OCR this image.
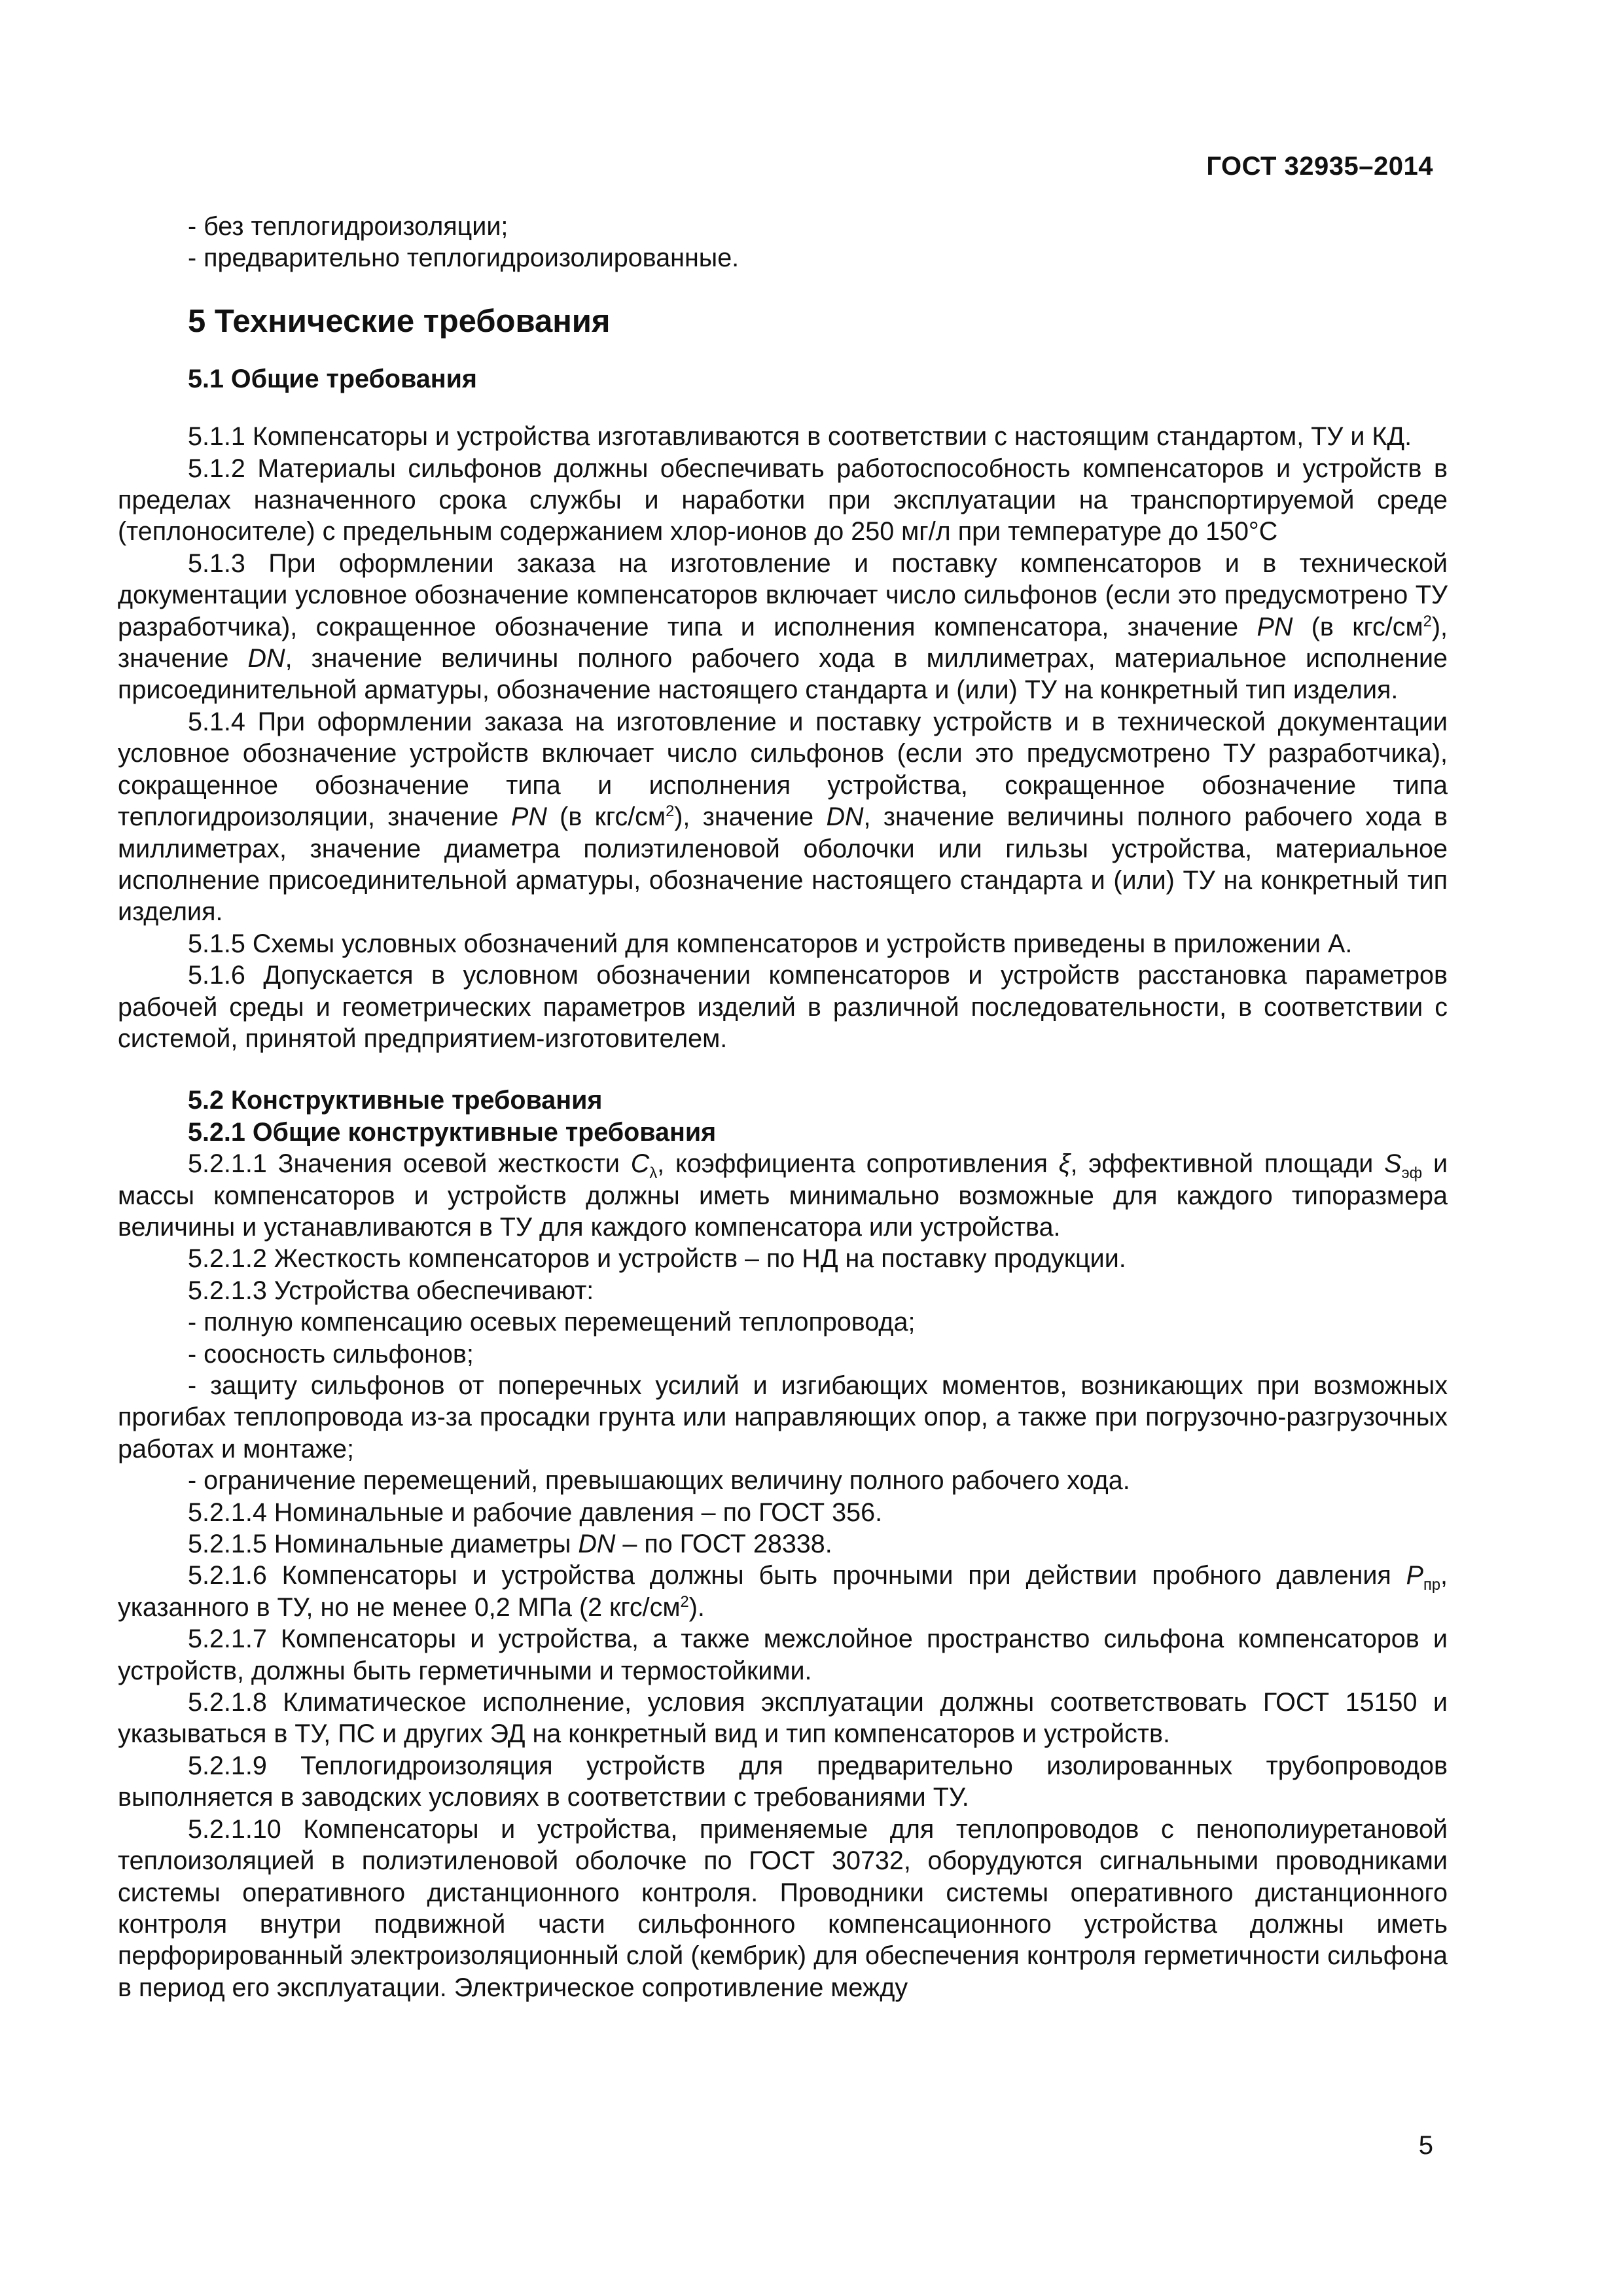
ГОСТ 32935–2014

- без теплогидроизоляции;

- предварительно теплогидроизолированные.

5 Технические требования
5.1 Общие требования

5.1.1 Компенсаторы и устройства изготавливаются в соответствии с настоящим стандартом, ТУ и КД.

5.1.2 Материалы сильфонов должны обеспечивать работоспособность компенсаторов и устройств в пределах назначенного срока службы и наработки при эксплуатации на транспортируемой среде (теплоносителе) с предельным содержанием хлор-ионов до 250 мг/л при температуре до 150°С

5.1.3 При оформлении заказа на изготовление и поставку компенсаторов и в технической документации условное обозначение компенсаторов включает число сильфонов (если это предусмотрено ТУ разработчика), сокращенное обозначение типа и исполнения компенсатора, значение PN (в кгс/$см^2$), значение DN, значение величины полного рабочего хода в миллиметрах, материальное исполнение присоединительной арматуры, обозначение настоящего стандарта и (или) ТУ на конкретный тип изделия.

5.1.4 При оформлении заказа на изготовление и поставку устройств и в технической документации условное обозначение устройств включает число сильфонов (если это предусмотрено ТУ разработчика), сокращенное обозначение типа и исполнения устройства, сокращенное обозначение типа теплогидроизоляции, значение PN (в кгс/$см^2$), значение DN, значение величины полного рабочего хода в миллиметрах, значение диаметра полиэтиленовой оболочки или гильзы устройства, материальное исполнение присоединительной арматуры, обозначение настоящего стандарта и (или) ТУ на конкретный тип изделия.

5.1.5 Схемы условных обозначений для компенсаторов и устройств приведены в приложении А.

5.1.6 Допускается в условном обозначении компенсаторов и устройств расстановка параметров рабочей среды и геометрических параметров изделий в различной последовательности, в соответствии с системой, принятой предприятием-изготовителем.

5.2 Конструктивные требования
5.2.1 Общие конструктивные требования

5.2.1.1 Значения осевой жесткости $C_\lambda$, коэффициента сопротивления ξ, эффективной площади $S_{эф}$ и массы компенсаторов и устройств должны иметь минимально возможные для каждого типоразмера величины и устанавливаются в ТУ для каждого компенсатора или устройства.

5.2.1.2 Жесткость компенсаторов и устройств – по НД на поставку продукции.

5.2.1.3 Устройства обеспечивают:

- полную компенсацию осевых перемещений теплопровода;

- соосность сильфонов;

- защиту сильфонов от поперечных усилий и изгибающих моментов, возникающих при возможных прогибах теплопровода из-за просадки грунта или направляющих опор, а также при погрузочно-разгрузочных работах и монтаже;

- ограничение перемещений, превышающих величину полного рабочего хода.

5.2.1.4 Номинальные и рабочие давления – по ГОСТ 356.

5.2.1.5 Номинальные диаметры DN – по ГОСТ 28338.

5.2.1.6 Компенсаторы и устройства должны быть прочными при действии пробного давления $Р_{пр}$, указанного в ТУ, но не менее 0,2 МПа (2 кгс/$см^2$).

5.2.1.7 Компенсаторы и устройства, а также межслойное пространство сильфона компенсаторов и устройств, должны быть герметичными и термостойкими.

5.2.1.8 Климатическое исполнение, условия эксплуатации должны соответствовать ГОСТ 15150 и указываться в ТУ, ПС и других ЭД на конкретный вид и тип компенсаторов и устройств.

5.2.1.9 Теплогидроизоляция устройств для предварительно изолированных трубопроводов выполняется в заводских условиях в соответствии с требованиями ТУ.

5.2.1.10 Компенсаторы и устройства, применяемые для теплопроводов с пенополиуретановой теплоизоляцией в полиэтиленовой оболочке по ГОСТ 30732, оборудуются сигнальными проводниками системы оперативного дистанционного контроля. Проводники системы оперативного дистанционного контроля внутри подвижной части сильфонного компенсационного устройства должны иметь перфорированный электроизоляционный слой (кембрик) для обеспечения контроля герметичности сильфона в период его эксплуатации. Электрическое сопротивление между

5
